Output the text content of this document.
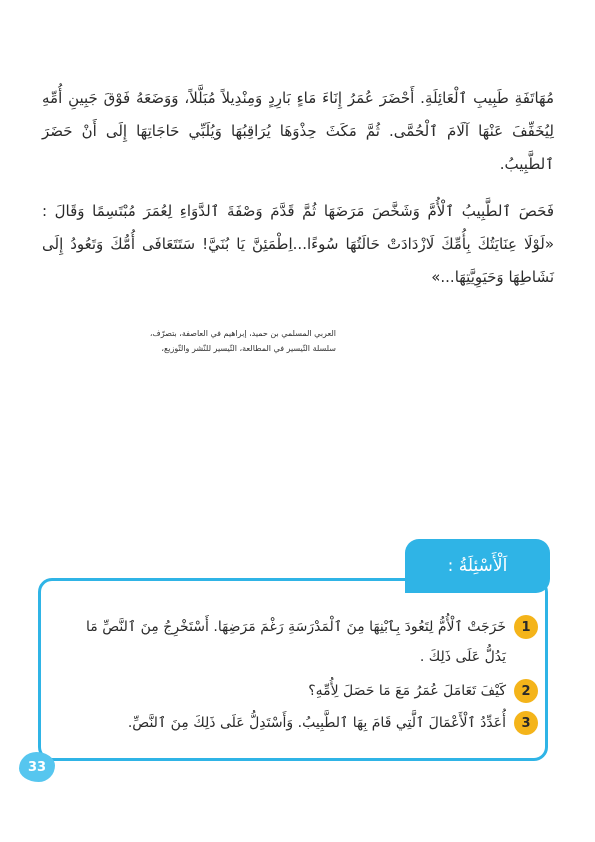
مُهَاتَفَةِ طَبِيبِ ٱلْعَائِلَةِ. أَحْضَرَ عُمَرُ إِنَاءَ مَاءٍ بَارِدٍ وَمِنْدِيلاً مُبَلَّلاً، وَوَضَعَهُ فَوْقَ جَبِينِ أُمِّهِ لِيُخَفِّفَ عَنْهَا آلَامَ ٱلْحُمَّى. ثُمَّ مَكَثَ حِذْوَهَا يُرَاقِبُهَا وَيُلَبِّي حَاجَاتِهَا إِلَى أَنْ حَضَرَ ٱلطَّبِيبُ.

فَحَصَ ٱلطَّبِيبُ ٱلْأُمَّ وَشَخَّصَ مَرَضَهَا ثُمَّ قَدَّمَ وَصْفَةَ ٱلدَّوَاءِ لِعُمَرَ مُبْتَسِمًا وَقَالَ : «لَوْلَا عِنَايَتُكَ بِأُمِّكَ لَازْدَادَتْ حَالَتُهَا سُوءًا...اِطْمَئِنَّ يَا بُنَيَّ! سَتَتَعَافَى أُمُّكَ وَتَعُودُ إِلَى نَشَاطِهَا وَحَيَوِيَّتِهَا...»

العربي المسلمي بن حميد، إبراهيم في العاصفة، بتصرّف،
سلسلة التّيسير في المطالعة، التّيسير للنّشر والتّوزيع،
اَلْأَسْئِلَةُ :
1
خَرَجَتْ ٱلْأُمُّ لِتَعُودَ بِٱبْنِهَا مِنَ ٱلْمَدْرَسَةِ رَغْمَ مَرَضِهَا. أَسْتَخْرِجُ مِنَ ٱلنَّصِّ مَا يَدُلُّ عَلَى ذَلِكَ .
2
كَيْفَ تَعَامَلَ عُمَرُ مَعَ مَا حَصَلَ لِأُمِّهِ؟
3
أُعَدِّدُ ٱلْأَعْمَالَ ٱلَّتِي قَامَ بِهَا ٱلطَّبِيبُ. وَأَسْتَدِلُّ عَلَى ذَلِكَ مِنَ ٱلنَّصِّ.
33
